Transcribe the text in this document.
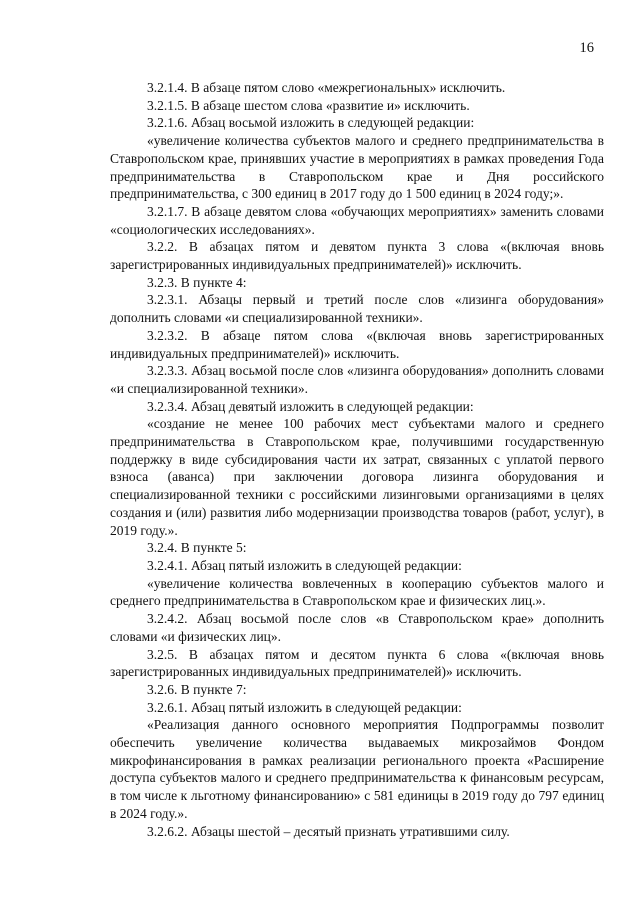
16

3.2.1.4. В абзаце пятом слово «межрегиональных» исключить.

3.2.1.5. В абзаце шестом слова «развитие и» исключить.

3.2.1.6. Абзац восьмой изложить в следующей редакции:

«увеличение количества субъектов малого и среднего предпринимательства в Ставропольском крае, принявших участие в мероприятиях в рамках проведения Года предпринимательства в Ставропольском крае и Дня российского предпринимательства, с 300 единиц в 2017 году до 1 500 единиц в 2024 году;».

3.2.1.7. В абзаце девятом слова «обучающих мероприятиях» заменить словами «социологических исследованиях».

3.2.2. В абзацах пятом и девятом пункта 3 слова «(включая вновь зарегистрированных индивидуальных предпринимателей)» исключить.

3.2.3. В пункте 4:

3.2.3.1. Абзацы первый и третий после слов «лизинга оборудования» дополнить словами «и специализированной техники».

3.2.3.2. В абзаце пятом слова «(включая вновь зарегистрированных индивидуальных предпринимателей)» исключить.

3.2.3.3. Абзац восьмой после слов «лизинга оборудования» дополнить словами «и специализированной техники».

3.2.3.4. Абзац девятый изложить в следующей редакции:

«создание не менее 100 рабочих мест субъектами малого и среднего предпринимательства в Ставропольском крае, получившими государственную поддержку в виде субсидирования части их затрат, связанных с уплатой первого взноса (аванса) при заключении договора лизинга оборудования и специализированной техники с российскими лизинговыми организациями в целях создания и (или) развития либо модернизации производства товаров (работ, услуг), в 2019 году.».

3.2.4. В пункте 5:

3.2.4.1. Абзац пятый изложить в следующей редакции:

«увеличение количества вовлеченных в кооперацию субъектов малого и среднего предпринимательства в Ставропольском крае и физических лиц.».

3.2.4.2. Абзац восьмой после слов «в Ставропольском крае» дополнить словами «и физических лиц».

3.2.5. В абзацах пятом и десятом пункта 6 слова «(включая вновь зарегистрированных индивидуальных предпринимателей)» исключить.

3.2.6. В пункте 7:

3.2.6.1. Абзац пятый изложить в следующей редакции:

«Реализация данного основного мероприятия Подпрограммы позволит обеспечить увеличение количества выдаваемых микрозаймов Фондом микрофинансирования в рамках реализации регионального проекта «Расширение доступа субъектов малого и среднего предпринимательства к финансовым ресурсам, в том числе к льготному финансированию» с 581 единицы в 2019 году до 797 единиц в 2024 году.».

3.2.6.2. Абзацы шестой – десятый признать утратившими силу.
